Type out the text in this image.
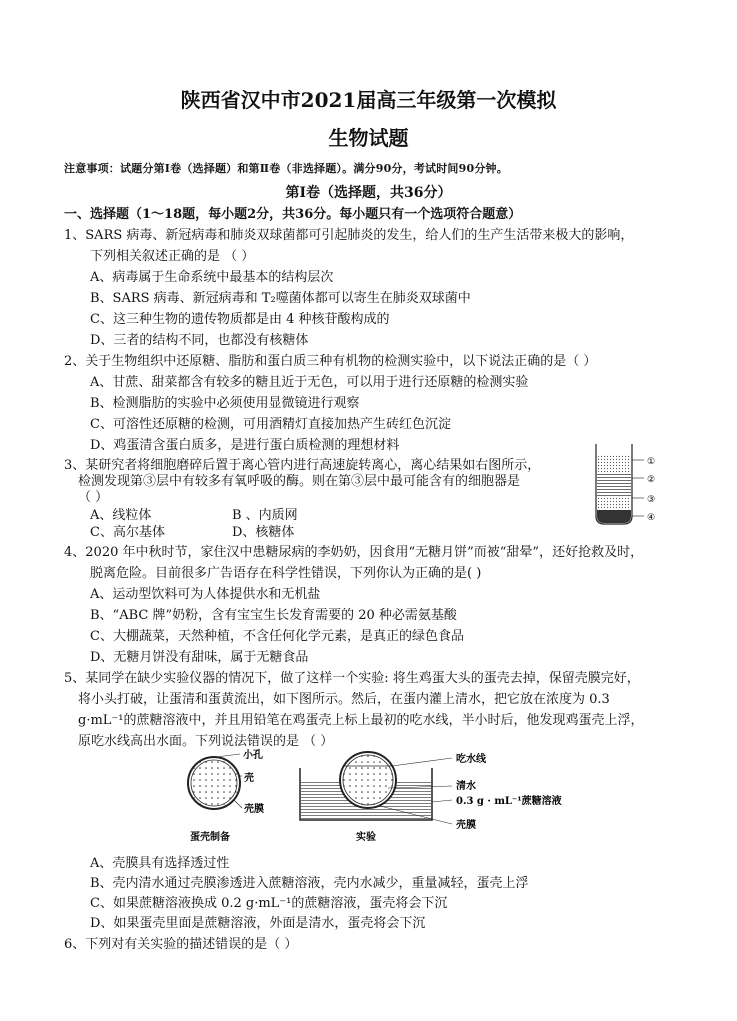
陕西省汉中市2021届高三年级第一次模拟
生物试题
注意事项：试题分第Ⅰ卷（选择题）和第Ⅱ卷（非选择题）。满分90分，考试时间90分钟。
第Ⅰ卷（选择题，共36分）
一、选择题（1～18题，每小题2分，共36分。每小题只有一个选项符合题意）
1、SARS 病毒、新冠病毒和肺炎双球菌都可引起肺炎的发生，给人们的生产生活带来极大的影响，
下列相关叙述正确的是 （ ）
A、病毒属于生命系统中最基本的结构层次
B、SARS 病毒、新冠病毒和 T₂噬菌体都可以寄生在肺炎双球菌中
C、这三种生物的遗传物质都是由 4 种核苷酸构成的
D、三者的结构不同，也都没有核糖体
2、关于生物组织中还原糖、脂肪和蛋白质三种有机物的检测实验中，以下说法正确的是（ ）
A、甘蔗、甜菜都含有较多的糖且近于无色，可以用于进行还原糖的检测实验
B、检测脂肪的实验中必须使用显微镜进行观察
C、可溶性还原糖的检测，可用酒精灯直接加热产生砖红色沉淀
D、鸡蛋清含蛋白质多，是进行蛋白质检测的理想材料
3、某研究者将细胞磨碎后置于离心管内进行高速旋转离心，离心结果如右图所示，
检测发现第③层中有较多有氧呼吸的酶。则在第③层中最可能含有的细胞器是
（ ）
A、线粒体	B 、内质网
C、高尔基体	D、核糖体
①
②
③
④
4、2020 年中秋时节，家住汉中患糖尿病的李奶奶，因食用“无糖月饼”而被“甜晕”，还好抢救及时，
脱离危险。目前很多广告语存在科学性错误，下列你认为正确的是( )
A、运动型饮料可为人体提供水和无机盐
B、“ABC 牌”奶粉，含有宝宝生长发育需要的 20 种必需氨基酸
C、大棚蔬菜，天然种植，不含任何化学元素，是真正的绿色食品
D、无糖月饼没有甜味，属于无糖食品
5、某同学在缺少实验仪器的情况下，做了这样一个实验: 将生鸡蛋大头的蛋壳去掉，保留壳膜完好，
将小头打破，让蛋清和蛋黄流出，如下图所示。然后，在蛋内灌上清水，把它放在浓度为 0.3
g·mL⁻¹的蔗糖溶液中，并且用铅笔在鸡蛋壳上标上最初的吃水线，半小时后，他发现鸡蛋壳上浮，
原吃水线高出水面。下列说法错误的是 （ ）
小孔
壳
壳膜
蛋壳制备
吃水线
清水
0.3 g · mL⁻¹蔗糖溶液
壳膜
实验
A、壳膜具有选择透过性
B、壳内清水通过壳膜渗透进入蔗糖溶液，壳内水减少，重量减轻，蛋壳上浮
C、如果蔗糖溶液换成 0.2 g·mL⁻¹的蔗糖溶液，蛋壳将会下沉
D、如果蛋壳里面是蔗糖溶液，外面是清水，蛋壳将会下沉
6、下列对有关实验的描述错误的是（ ）
